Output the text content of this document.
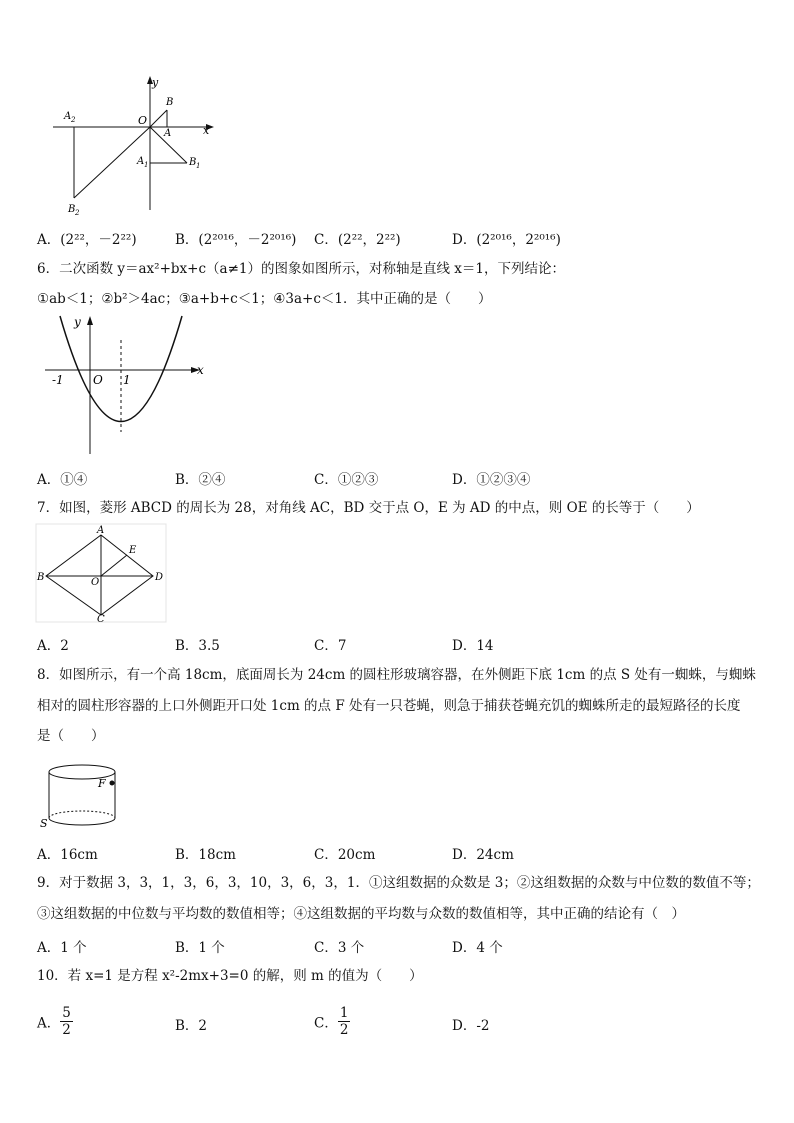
y
x
O
B
A
A 1	B 1
A 2
B 2
A．(2²²，－2²²)	B．(2²⁰¹⁶，－2²⁰¹⁶) C．(2²²，2²²)	D．(2²⁰¹⁶，2²⁰¹⁶)
6．二次函数 y＝ax²+bx+c（a≠1）的图象如图所示，对称轴是直线 x＝1，下列结论：
①ab＜1；②b²＞4ac；③a+b+c＜1；④3a+c＜1．其中正确的是（　　）
y
x
O
-1	1
A．①④	B．②④	C．①②③	D．①②③④
7．如图，菱形 ABCD 的周长为 28，对角线 AC，BD 交于点 O，E 为 AD 的中点，则 OE 的长等于（　　）
A
B
C
D
E
O
A．2	B．3.5	C．7	D．14
8．如图所示，有一个高 18cm，底面周长为 24cm 的圆柱形玻璃容器，在外侧距下底 1cm 的点 S 处有一蜘蛛，与蜘蛛
相对的圆柱形容器的上口外侧距开口处 1cm 的点 F 处有一只苍蝇，则急于捕获苍蝇充饥的蜘蛛所走的最短路径的长度
是（　　）
F
S
A．16cm	B．18cm	C．20cm	D．24cm
9．对于数据 3，3，1，3，6，3，10，3，6，3，1．①这组数据的众数是 3；②这组数据的众数与中位数的数值不等；
③这组数据的中位数与平均数的数值相等；④这组数据的平均数与众数的数值相等，其中正确的结论有（　）
A．1 个	B．1 个	C．3 个	D．4 个
10．若 x=1 是方程 x²-2mx+3=0 的解，则 m 的值为（　　）
A． $\frac{5}{2}$	B．2	C． $\frac{1}{2}$	D．-2
